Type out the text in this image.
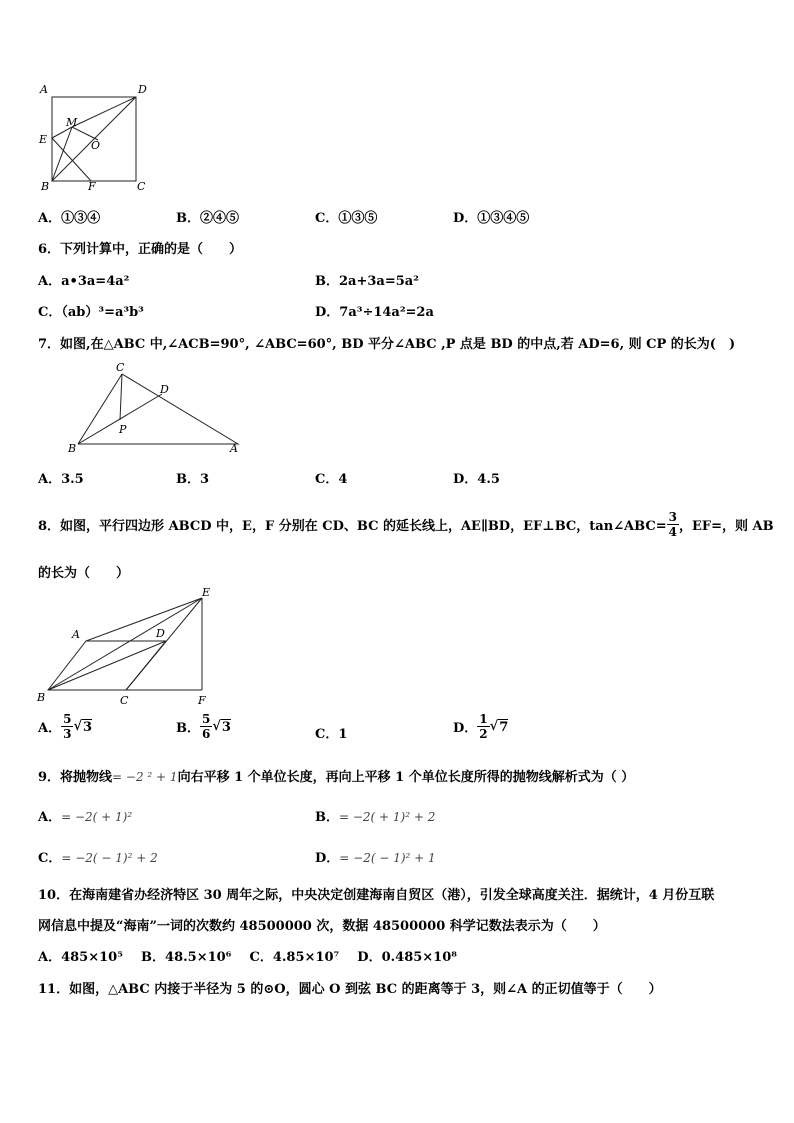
A	D
M
E	O
B	F	C
A．①③④	B．②④⑤	C．①③⑤	D．①③④⑤
6．下列计算中，正确的是（　　）
A．a•3a=4a²	B．2a+3a=5a²
C．（ab）³=a³b³	D．7a³÷14a²=2a
7．如图,在△ABC 中,∠ACB=90°, ∠ABC=60°, BD 平分∠ABC ,P 点是 BD 的中点,若 AD=6, 则 CP 的长为(　)
C
D
P
B	A
A．3.5	B．3	C．4	D．4.5
8．如图，平行四边形 ABCD 中，E，F 分别在 CD、BC 的延长线上，AE∥BD，EF⊥BC，tan∠ABC= $\frac{3}{4}$ ，EF=，则 AB
的长为（　　）
E
A	D
B	C	F
A． $\frac{5}{3}$ √ 3	B． $\frac{5}{6}$ √ 3	C．1	D． $\frac{1}{2}$ √ 7
9．将抛物线= −2 ² + 1向右平移 1 个单位长度，再向上平移 1 个单位长度所得的抛物线解析式为（ ）
A．= −2( + 1)²	B．= −2( + 1)² + 2
C．= −2( − 1)² + 2	D．= −2( − 1)² + 1
10．在海南建省办经济特区 30 周年之际，中央决定创建海南自贸区（港），引发全球高度关注．据统计，4 月份互联
网信息中提及“海南”一词的次数约 48500000 次，数据 48500000 科学记数法表示为（　　）
A．485×10⁵ B．48.5×10⁶ C．4.85×10⁷ D．0.485×10⁸
11．如图，△ABC 内接于半径为 5 的⊙O，圆心 O 到弦 BC 的距离等于 3，则∠A 的正切值等于（　　）
